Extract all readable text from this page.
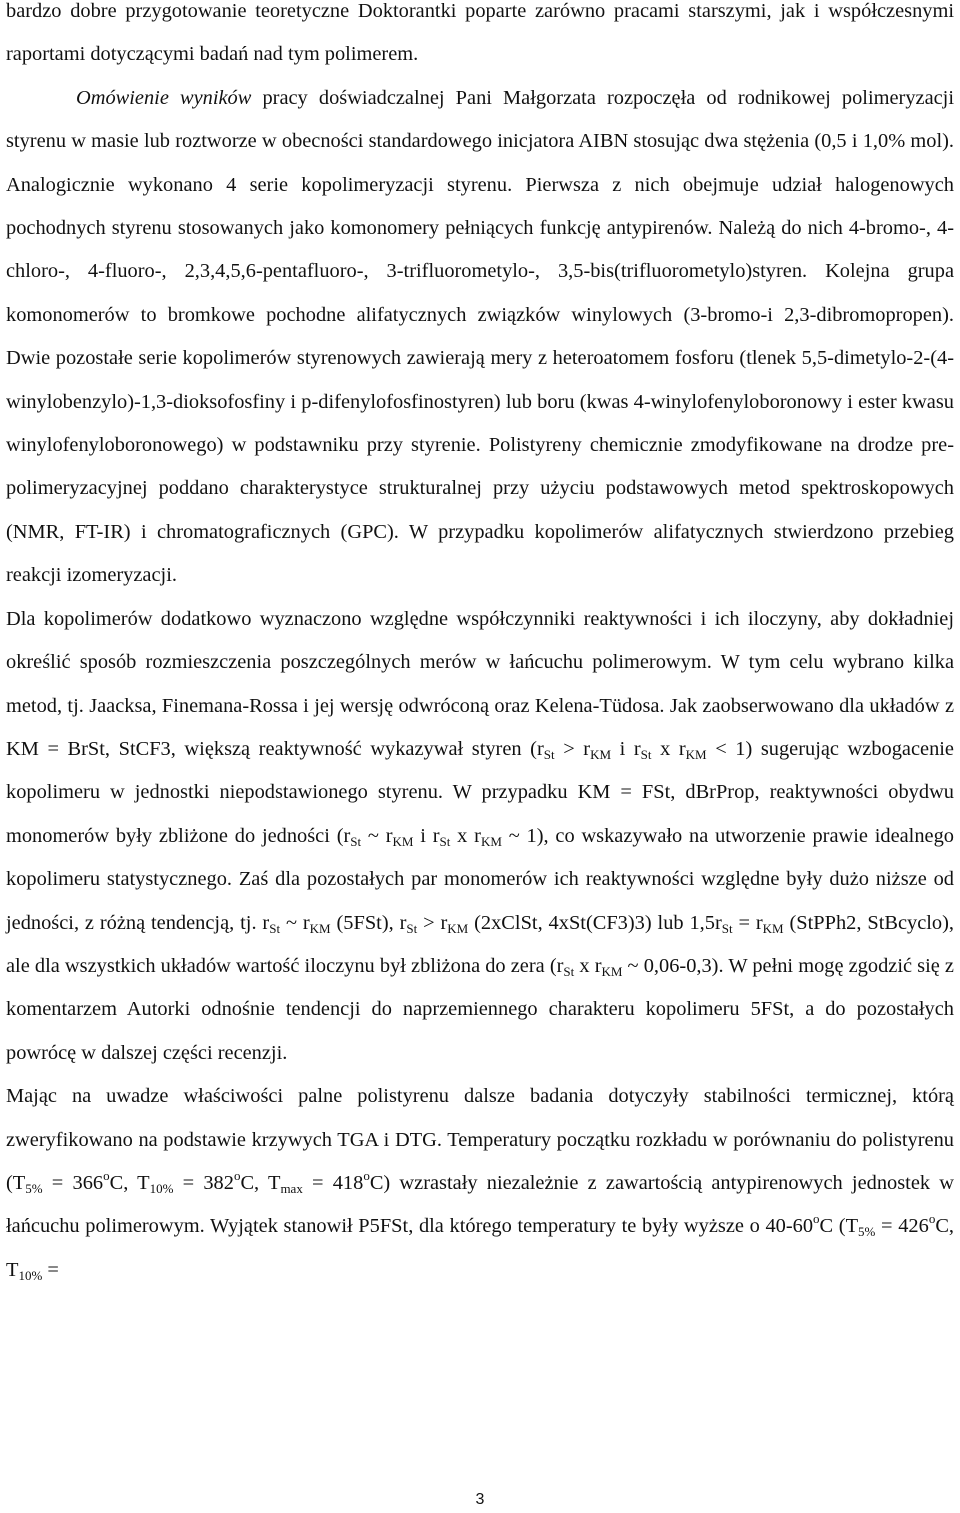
bardzo dobre przygotowanie teoretyczne Doktorantki poparte zarówno pracami starszymi, jak i współczesnymi raportami dotyczącymi badań nad tym polimerem.

Omówienie wyników pracy doświadczalnej Pani Małgorzata rozpoczęła od rodnikowej polimeryzacji styrenu w masie lub roztworze w obecności standardowego inicjatora AIBN stosując dwa stężenia (0,5 i 1,0% mol). Analogicznie wykonano 4 serie kopolimeryzacji styrenu. Pierwsza z nich obejmuje udział halogenowych pochodnych styrenu stosowanych jako komonomery pełniących funkcję antypirenów. Należą do nich 4-bromo-, 4-chloro-, 4-fluoro-, 2,3,4,5,6-pentafluoro-, 3-trifluorometylo-, 3,5-bis(trifluorometylo)styren. Kolejna grupa komonomerów to bromkowe pochodne alifatycznych związków winylowych (3-bromo-i 2,3-dibromopropen). Dwie pozostałe serie kopolimerów styrenowych zawierają mery z heteroatomem fosforu (tlenek 5,5-dimetylo-2-(4-winylobenzylo)-1,3-dioksofosfiny i p-difenylofosfinostyren) lub boru (kwas 4-winylofenyloboronowy i ester kwasu winylofenyloboronowego) w podstawniku przy styrenie. Polistyreny chemicznie zmodyfikowane na drodze pre-polimeryzacyjnej poddano charakterystyce strukturalnej przy użyciu podstawowych metod spektroskopowych (NMR, FT-IR) i chromatograficznych (GPC). W przypadku kopolimerów alifatycznych stwierdzono przebieg reakcji izomeryzacji.

Dla kopolimerów dodatkowo wyznaczono względne współczynniki reaktywności i ich iloczyny, aby dokładniej określić sposób rozmieszczenia poszczególnych merów w łańcuchu polimerowym. W tym celu wybrano kilka metod, tj. Jaacksa, Finemana-Rossa i jej wersję odwróconą oraz Kelena-Tüdosa. Jak zaobserwowano dla układów z KM = BrSt, StCF3, większą reaktywność wykazywał styren ($r_{St} > r_{KM}$ i $r_{St}$ x $r_{KM} < 1$) sugerując wzbogacenie kopolimeru w jednostki niepodstawionego styrenu. W przypadku KM = FSt, dBrProp, reaktywności obydwu monomerów były zbliżone do jedności ($r_{St}$ ~ $r_{KM}$ i $r_{St}$ x $r_{KM}$ ~ 1), co wskazywało na utworzenie prawie idealnego kopolimeru statystycznego. Zaś dla pozostałych par monomerów ich reaktywności względne były dużo niższe od jedności, z różną tendencją, tj. $r_{St}$ ~ $r_{KM}$ (5FSt), $r_{St} > r_{KM}$ (2xClSt, 4xSt(CF3)3) lub $1,5r_{St} = r_{KM}$ (StPPh2, StBcyclo), ale dla wszystkich układów wartość iloczynu był zbliżona do zera ($r_{St}$ x $r_{KM}$ ~ 0,06-0,3). W pełni mogę zgodzić się z komentarzem Autorki odnośnie tendencji do naprzemiennego charakteru kopolimeru 5FSt, a do pozostałych powrócę w dalszej części recenzji.

Mając na uwadze właściwości palne polistyrenu dalsze badania dotyczyły stabilności termicznej, którą zweryfikowano na podstawie krzywych TGA i DTG. Temperatury początku rozkładu w porównaniu do polistyrenu ($T_{5\%} = 366^oC$, $T_{10\%} = 382^oC$, $T_{max} = 418^oC$) wzrastały niezależnie z zawartością antypirenowych jednostek w łańcuchu polimerowym. Wyjątek stanowił P5FSt, dla którego temperatury te były wyższe o 40-60$^o$C ($T_{5\%} = 426^oC$, $T_{10\%}$ =

3
